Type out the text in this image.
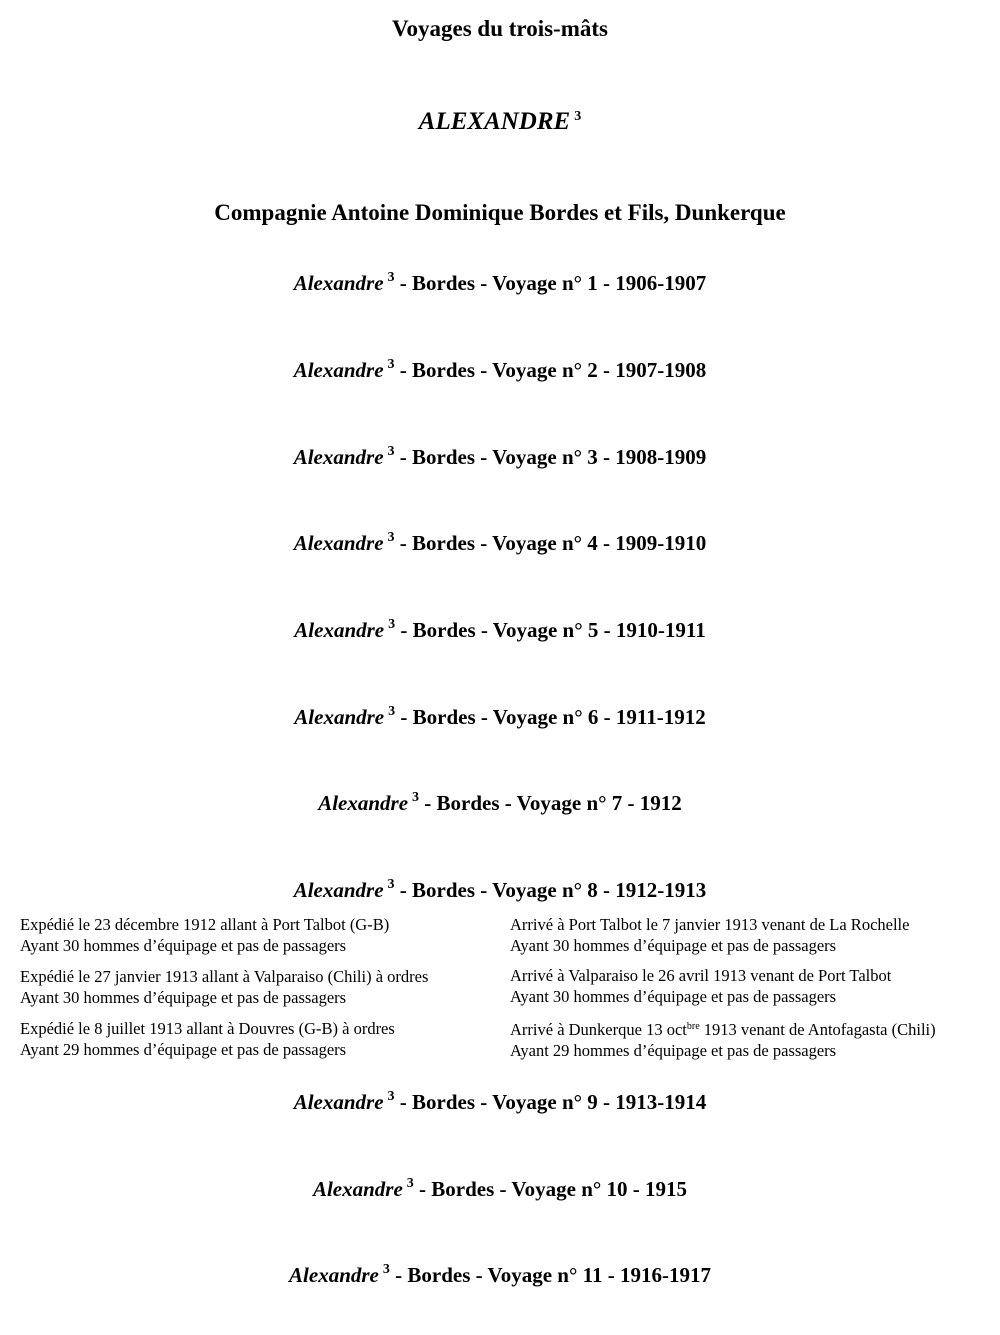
Voyages du trois-mâts
ALEXANDRE $^3$
Compagnie Antoine Dominique Bordes et Fils, Dunkerque
Alexandre $^3$ - Bordes - Voyage n° 1 - 1906-1907
Alexandre $^3$ - Bordes - Voyage n° 2 - 1907-1908
Alexandre $^3$ - Bordes - Voyage n° 3 - 1908-1909
Alexandre $^3$ - Bordes - Voyage n° 4 - 1909-1910
Alexandre $^3$ - Bordes - Voyage n° 5 - 1910-1911
Alexandre $^3$ - Bordes - Voyage n° 6 - 1911-1912
Alexandre $^3$ - Bordes - Voyage n° 7 - 1912
Alexandre $^3$ - Bordes - Voyage n° 8 - 1912-1913
Expédié le 23 décembre 1912 allant à Port Talbot (G-B)
Ayant 30 hommes d’équipage et pas de passagers
Arrivé à Port Talbot le 7 janvier 1913 venant de La Rochelle
Ayant 30 hommes d’équipage et pas de passagers
Expédié le 27 janvier 1913 allant à Valparaiso (Chili) à ordres
Ayant 30 hommes d’équipage et pas de passagers
Arrivé à Valparaiso le 26 avril 1913 venant de Port Talbot
Ayant 30 hommes d’équipage et pas de passagers
Expédié le 8 juillet 1913 allant à Douvres (G-B) à ordres
Ayant 29 hommes d’équipage et pas de passagers
Arrivé à Dunkerque 13 oct$^{bre}$ 1913 venant de Antofagasta (Chili)
Ayant 29 hommes d’équipage et pas de passagers
Alexandre $^3$ - Bordes - Voyage n° 9 - 1913-1914
Alexandre $^3$ - Bordes - Voyage n° 10 - 1915
Alexandre $^3$ - Bordes - Voyage n° 11 - 1916-1917
